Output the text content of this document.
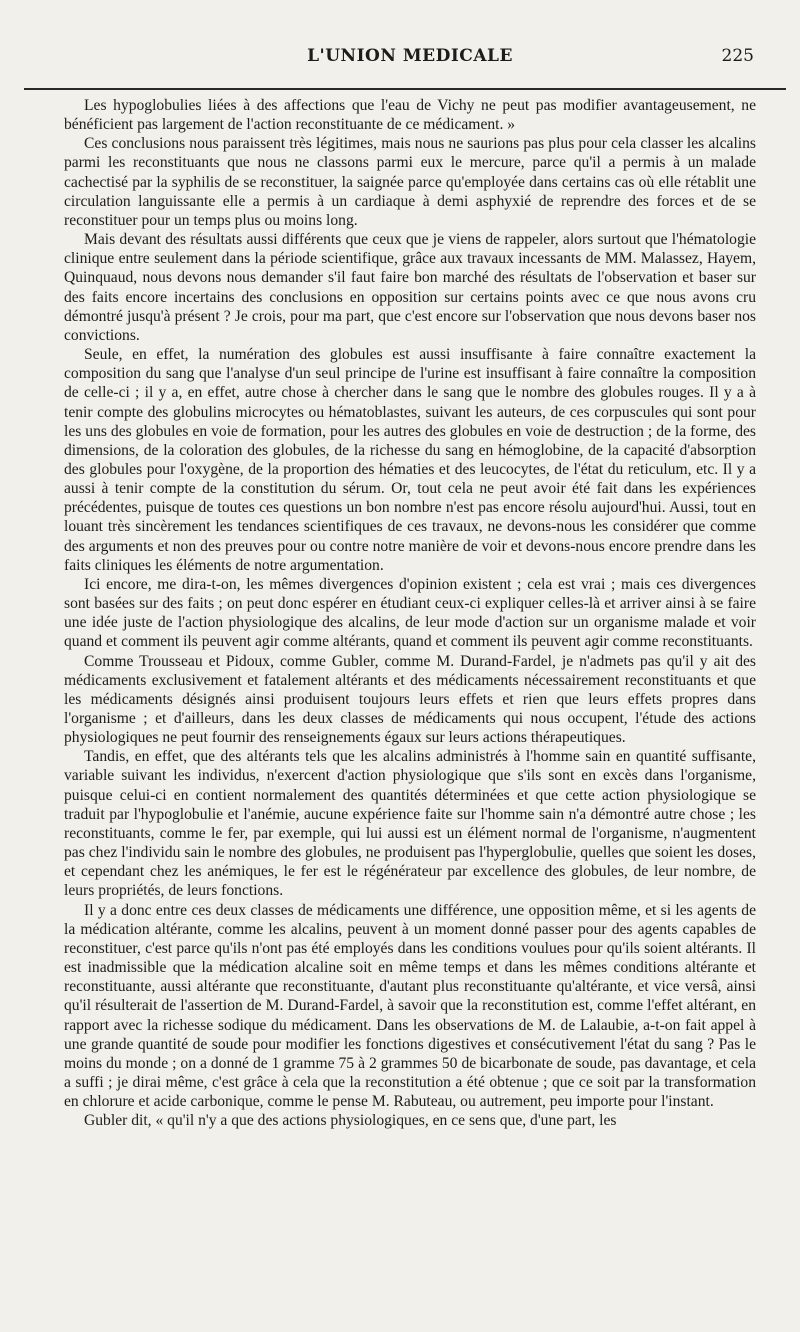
L'UNION MEDICALE	225

Les hypoglobulies liées à des affections que l'eau de Vichy ne peut pas modifier avantageusement, ne bénéficient pas largement de l'action reconstituante de ce médicament. »

Ces conclusions nous paraissent très légitimes, mais nous ne saurions pas plus pour cela classer les alcalins parmi les reconstituants que nous ne classons parmi eux le mercure, parce qu'il a permis à un malade cachectisé par la syphilis de se reconstituer, la saignée parce qu'employée dans certains cas où elle rétablit une circulation languissante elle a permis à un cardiaque à demi asphyxié de reprendre des forces et de se reconstituer pour un temps plus ou moins long.

Mais devant des résultats aussi différents que ceux que je viens de rappeler, alors surtout que l'hématologie clinique entre seulement dans la période scientifique, grâce aux travaux incessants de MM. Malassez, Hayem, Quinquaud, nous devons nous demander s'il faut faire bon marché des résultats de l'observation et baser sur des faits encore incertains des conclusions en opposition sur certains points avec ce que nous avons cru démontré jusqu'à présent ? Je crois, pour ma part, que c'est encore sur l'observation que nous devons baser nos convictions.

Seule, en effet, la numération des globules est aussi insuffisante à faire connaître exactement la composition du sang que l'analyse d'un seul principe de l'urine est insuffisant à faire connaître la composition de celle-ci ; il y a, en effet, autre chose à chercher dans le sang que le nombre des globules rouges. Il y a à tenir compte des globulins microcytes ou hématoblastes, suivant les auteurs, de ces corpuscules qui sont pour les uns des globules en voie de formation, pour les autres des globules en voie de destruction ; de la forme, des dimensions, de la coloration des globules, de la richesse du sang en hémoglobine, de la capacité d'absorption des globules pour l'oxygène, de la proportion des hématies et des leucocytes, de l'état du reticulum, etc. Il y a aussi à tenir compte de la constitution du sérum. Or, tout cela ne peut avoir été fait dans les expériences précédentes, puisque de toutes ces questions un bon nombre n'est pas encore résolu aujourd'hui. Aussi, tout en louant très sincèrement les tendances scientifiques de ces travaux, ne devons-nous les considérer que comme des arguments et non des preuves pour ou contre notre manière de voir et devons-nous encore prendre dans les faits cliniques les éléments de notre argumentation.

Ici encore, me dira-t-on, les mêmes divergences d'opinion existent ; cela est vrai ; mais ces divergences sont basées sur des faits ; on peut donc espérer en étudiant ceux-ci expliquer celles-là et arriver ainsi à se faire une idée juste de l'action physiologique des alcalins, de leur mode d'action sur un organisme malade et voir quand et comment ils peuvent agir comme altérants, quand et comment ils peuvent agir comme reconstituants.

Comme Trousseau et Pidoux, comme Gubler, comme M. Durand-Fardel, je n'admets pas qu'il y ait des médicaments exclusivement et fatalement altérants et des médicaments nécessairement reconstituants et que les médicaments désignés ainsi produisent toujours leurs effets et rien que leurs effets propres dans l'organisme ; et d'ailleurs, dans les deux classes de médicaments qui nous occupent, l'étude des actions physiologiques ne peut fournir des renseignements égaux sur leurs actions thérapeutiques.

Tandis, en effet, que des altérants tels que les alcalins administrés à l'homme sain en quantité suffisante, variable suivant les individus, n'exercent d'action physiologique que s'ils sont en excès dans l'organisme, puisque celui-ci en contient normalement des quantités déterminées et que cette action physiologique se traduit par l'hypoglobulie et l'anémie, aucune expérience faite sur l'homme sain n'a démontré autre chose ; les reconstituants, comme le fer, par exemple, qui lui aussi est un élément normal de l'organisme, n'augmentent pas chez l'individu sain le nombre des globules, ne produisent pas l'hyperglobulie, quelles que soient les doses, et cependant chez les anémiques, le fer est le régénérateur par excellence des globules, de leur nombre, de leurs propriétés, de leurs fonctions.

Il y a donc entre ces deux classes de médicaments une différence, une opposition même, et si les agents de la médication altérante, comme les alcalins, peuvent à un moment donné passer pour des agents capables de reconstituer, c'est parce qu'ils n'ont pas été employés dans les conditions voulues pour qu'ils soient altérants. Il est inadmissible que la médication alcaline soit en même temps et dans les mêmes conditions altérante et reconstituante, aussi altérante que reconstituante, d'autant plus reconstituante qu'altérante, et vice versâ, ainsi qu'il résulterait de l'assertion de M. Durand-Fardel, à savoir que la reconstitution est, comme l'effet altérant, en rapport avec la richesse sodique du médicament. Dans les observations de M. de Lalaubie, a-t-on fait appel à une grande quantité de soude pour modifier les fonctions digestives et consécutivement l'état du sang ? Pas le moins du monde ; on a donné de 1 gramme 75 à 2 grammes 50 de bicarbonate de soude, pas davantage, et cela a suffi ; je dirai même, c'est grâce à cela que la reconstitution a été obtenue ; que ce soit par la transformation en chlorure et acide carbonique, comme le pense M. Rabuteau, ou autrement, peu importe pour l'instant.

Gubler dit, « qu'il n'y a que des actions physiologiques, en ce sens que, d'une part, les
